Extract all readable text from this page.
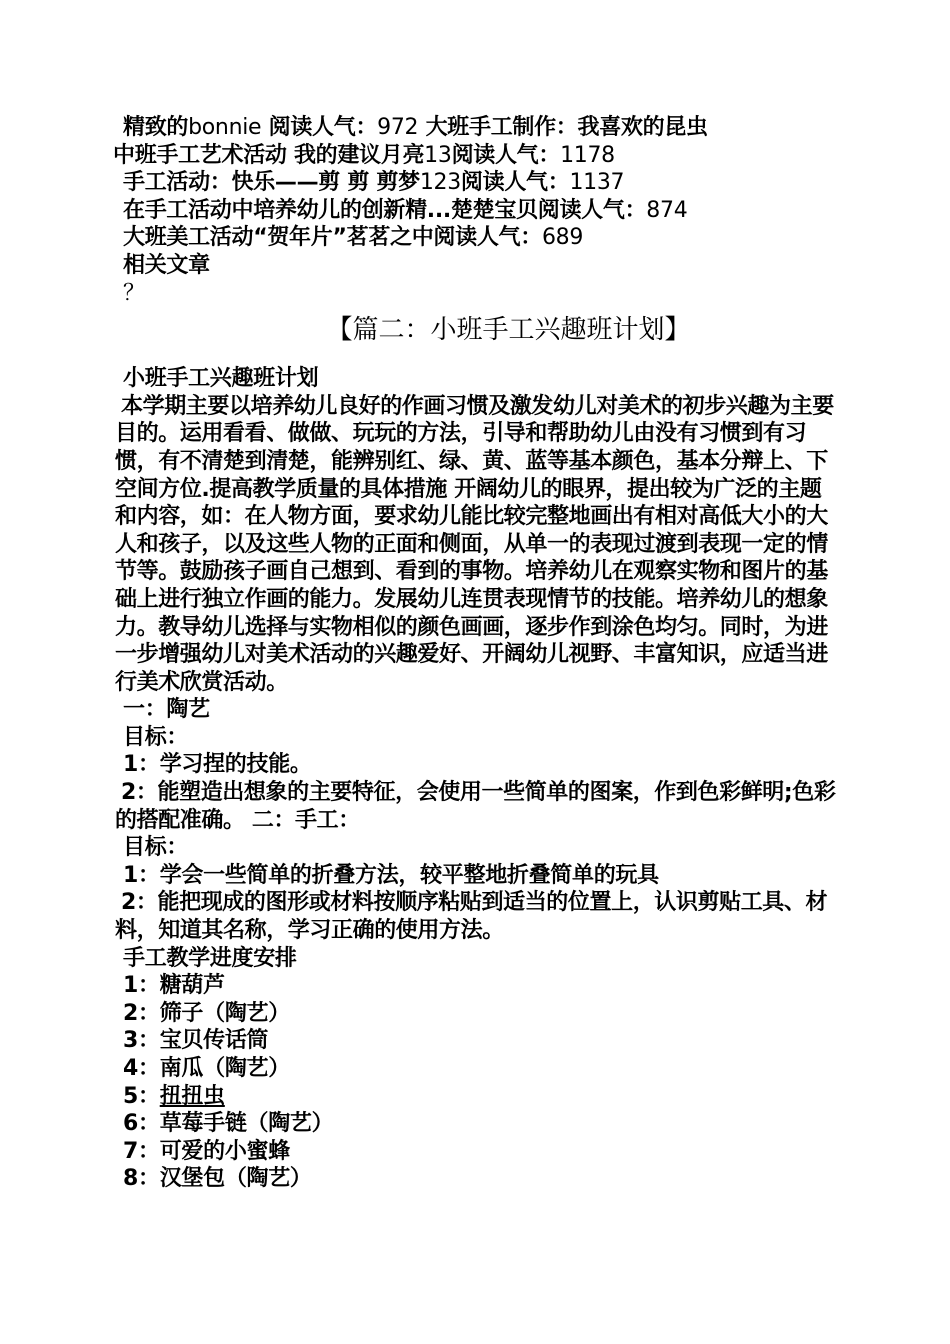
精致的bonnie 阅读人气：972 大班手工制作：我喜欢的昆虫
中班手工艺术活动 我的建议月亮13阅读人气：1178
手工活动：快乐——剪 剪 剪梦123阅读人气：1137
在手工活动中培养幼儿的创新精...楚楚宝贝阅读人气：874
大班美工活动“贺年片”茗茗之中阅读人气：689
相关文章
？
【篇二：小班手工兴趣班计划】
小班手工兴趣班计划
本学期主要以培养幼儿良好的作画习惯及激发幼儿对美术的初步兴趣为主要目的。运用看看、做做、玩玩的方法，引导和帮助幼儿由没有习惯到有习惯，有不清楚到清楚，能辨别红、绿、黄、蓝等基本颜色，基本分辩上、下空间方位.提高教学质量的具体措施 开阔幼儿的眼界，提出较为广泛的主题和内容，如：在人物方面，要求幼儿能比较完整地画出有相对高低大小的大人和孩子，以及这些人物的正面和侧面，从单一的表现过渡到表现一定的情节等。鼓励孩子画自己想到、看到的事物。培养幼儿在观察实物和图片的基础上进行独立作画的能力。发展幼儿连贯表现情节的技能。培养幼儿的想象力。教导幼儿选择与实物相似的颜色画画，逐步作到涂色均匀。同时，为进一步增强幼儿对美术活动的兴趣爱好、开阔幼儿视野、丰富知识，应适当进行美术欣赏活动。
一：陶艺
目标：
1：学习捏的技能。
2：能塑造出想象的主要特征，会使用一些简单的图案，作到色彩鲜明;色彩的搭配准确。 二：手工：
目标：
1：学会一些简单的折叠方法，较平整地折叠简单的玩具
2：能把现成的图形或材料按顺序粘贴到适当的位置上，认识剪贴工具、材料，知道其名称，学习正确的使用方法。
手工教学进度安排
1：糖葫芦
2：筛子（陶艺）
3：宝贝传话筒
4：南瓜（陶艺）
5：扭扭虫
6：草莓手链（陶艺）
7：可爱的小蜜蜂
8：汉堡包（陶艺）
